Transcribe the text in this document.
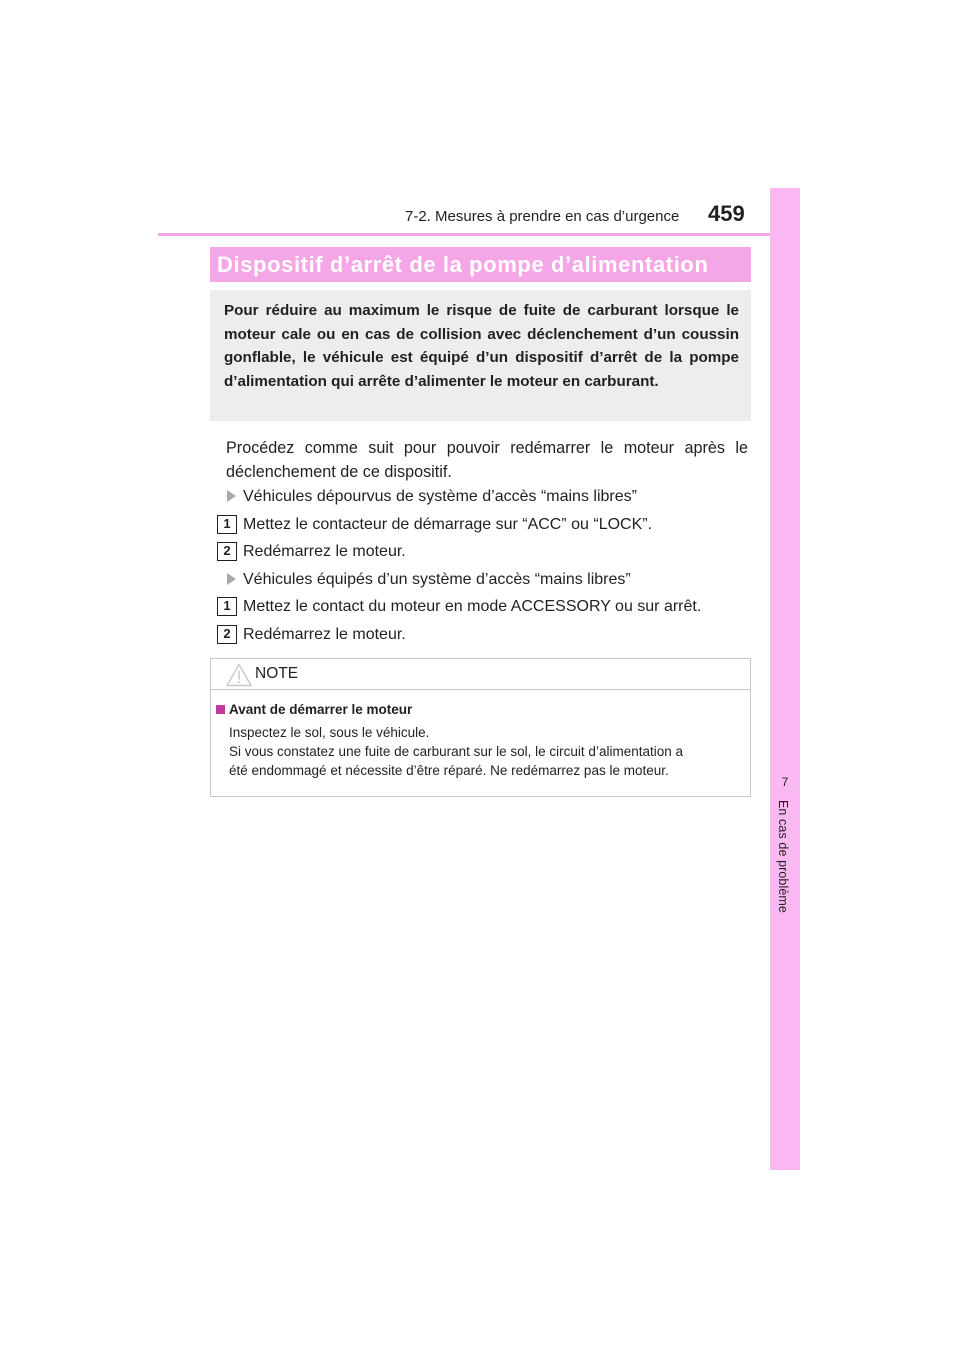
7-2. Mesures à prendre en cas d’urgence 459
7
En cas de problème
Dispositif d’arrêt de la pompe d’alimentation
Pour réduire au maximum le risque de fuite de carburant lorsque le moteur cale ou en cas de collision avec déclenchement d’un coussin gonflable, le véhicule est équipé d’un dispositif d’arrêt de la pompe d’alimentation qui arrête d’alimenter le moteur en carburant.
Procédez comme suit pour pouvoir redémarrer le moteur après le déclenchement de ce dispositif.
Véhicules dépourvus de système d’accès “mains libres”
1 Mettez le contacteur de démarrage sur “ACC” ou “LOCK”.
2 Redémarrez le moteur.
Véhicules équipés d’un système d’accès “mains libres”
1 Mettez le contact du moteur en mode ACCESSORY ou sur arrêt.
2 Redémarrez le moteur.
NOTE
Avant de démarrer le moteur
Inspectez le sol, sous le véhicule.
Si vous constatez une fuite de carburant sur le sol, le circuit d’alimentation a
été endommagé et nécessite d’être réparé. Ne redémarrez pas le moteur.
